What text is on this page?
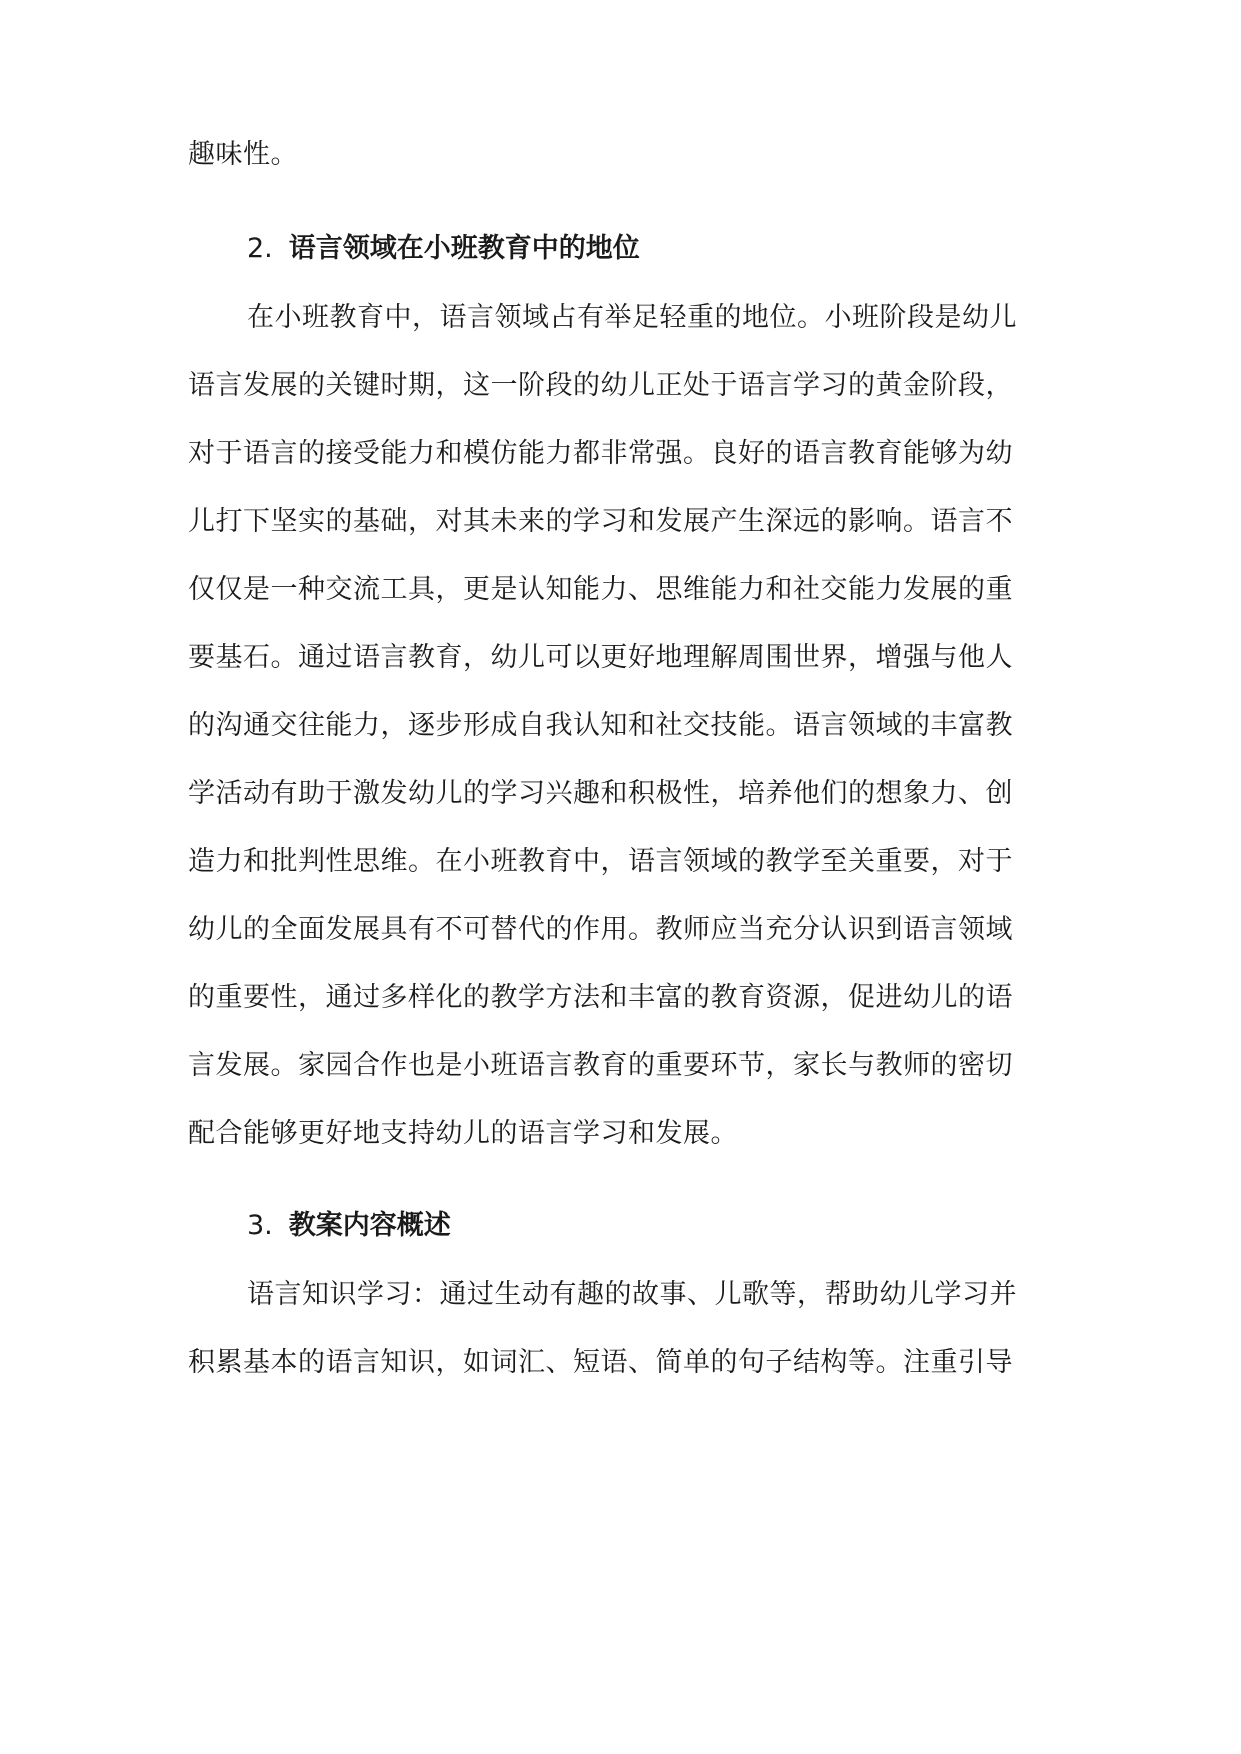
趣味性。
2. 语言领域在小班教育中的地位
在小班教育中，语言领域占有举足轻重的地位。小班阶段是幼儿
语言发展的关键时期，这一阶段的幼儿正处于语言学习的黄金阶段，
对于语言的接受能力和模仿能力都非常强。良好的语言教育能够为幼
儿打下坚实的基础，对其未来的学习和发展产生深远的影响。语言不
仅仅是一种交流工具，更是认知能力、思维能力和社交能力发展的重
要基石。通过语言教育，幼儿可以更好地理解周围世界，增强与他人
的沟通交往能力，逐步形成自我认知和社交技能。语言领域的丰富教
学活动有助于激发幼儿的学习兴趣和积极性，培养他们的想象力、创
造力和批判性思维。在小班教育中，语言领域的教学至关重要，对于
幼儿的全面发展具有不可替代的作用。教师应当充分认识到语言领域
的重要性，通过多样化的教学方法和丰富的教育资源，促进幼儿的语
言发展。家园合作也是小班语言教育的重要环节，家长与教师的密切
配合能够更好地支持幼儿的语言学习和发展。
3. 教案内容概述
语言知识学习：通过生动有趣的故事、儿歌等，帮助幼儿学习并
积累基本的语言知识，如词汇、短语、简单的句子结构等。注重引导
